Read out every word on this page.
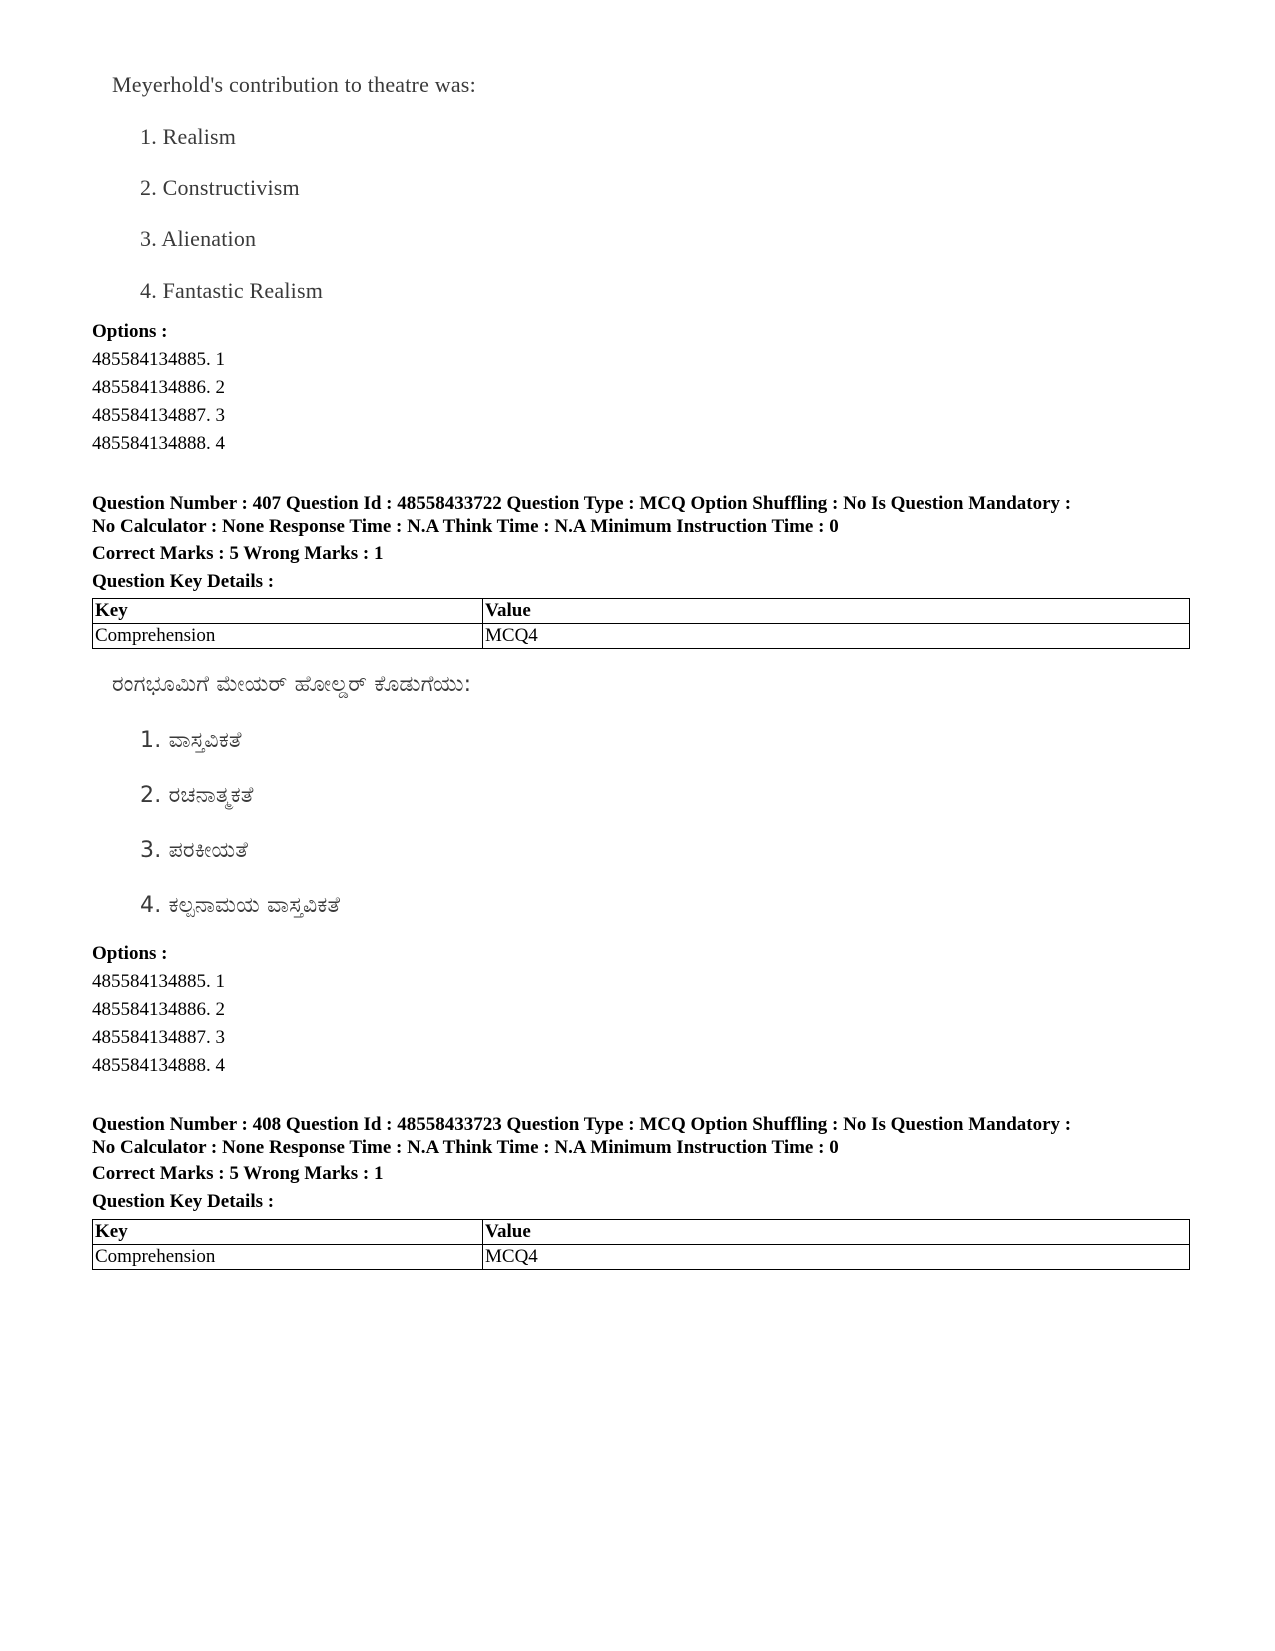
Meyerhold's contribution to theatre was:
1. Realism
2. Constructivism
3. Alienation
4. Fantastic Realism
Options :
485584134885. 1
485584134886. 2
485584134887. 3
485584134888. 4
Question Number : 407 Question Id : 48558433722 Question Type : MCQ Option Shuffling : No Is Question Mandatory :
No Calculator : None Response Time : N.A Think Time : N.A Minimum Instruction Time : 0
Correct Marks : 5 Wrong Marks : 1
Question Key Details :
Key	Value
Comprehension	MCQ4
ರಂಗಭೂಮಿಗೆ ಮೇಯರ್ ಹೋಲ್ಡರ್ ಕೊಡುಗೆಯು:
1. ವಾಸ್ತವಿಕತೆ
2. ರಚನಾತ್ಮಕತೆ
3. ಪರಕೀಯತೆ
4. ಕಲ್ಪನಾಮಯ ವಾಸ್ತವಿಕತೆ
Options :
485584134885. 1
485584134886. 2
485584134887. 3
485584134888. 4
Question Number : 408 Question Id : 48558433723 Question Type : MCQ Option Shuffling : No Is Question Mandatory :
No Calculator : None Response Time : N.A Think Time : N.A Minimum Instruction Time : 0
Correct Marks : 5 Wrong Marks : 1
Question Key Details :
Key	Value
Comprehension	MCQ4
